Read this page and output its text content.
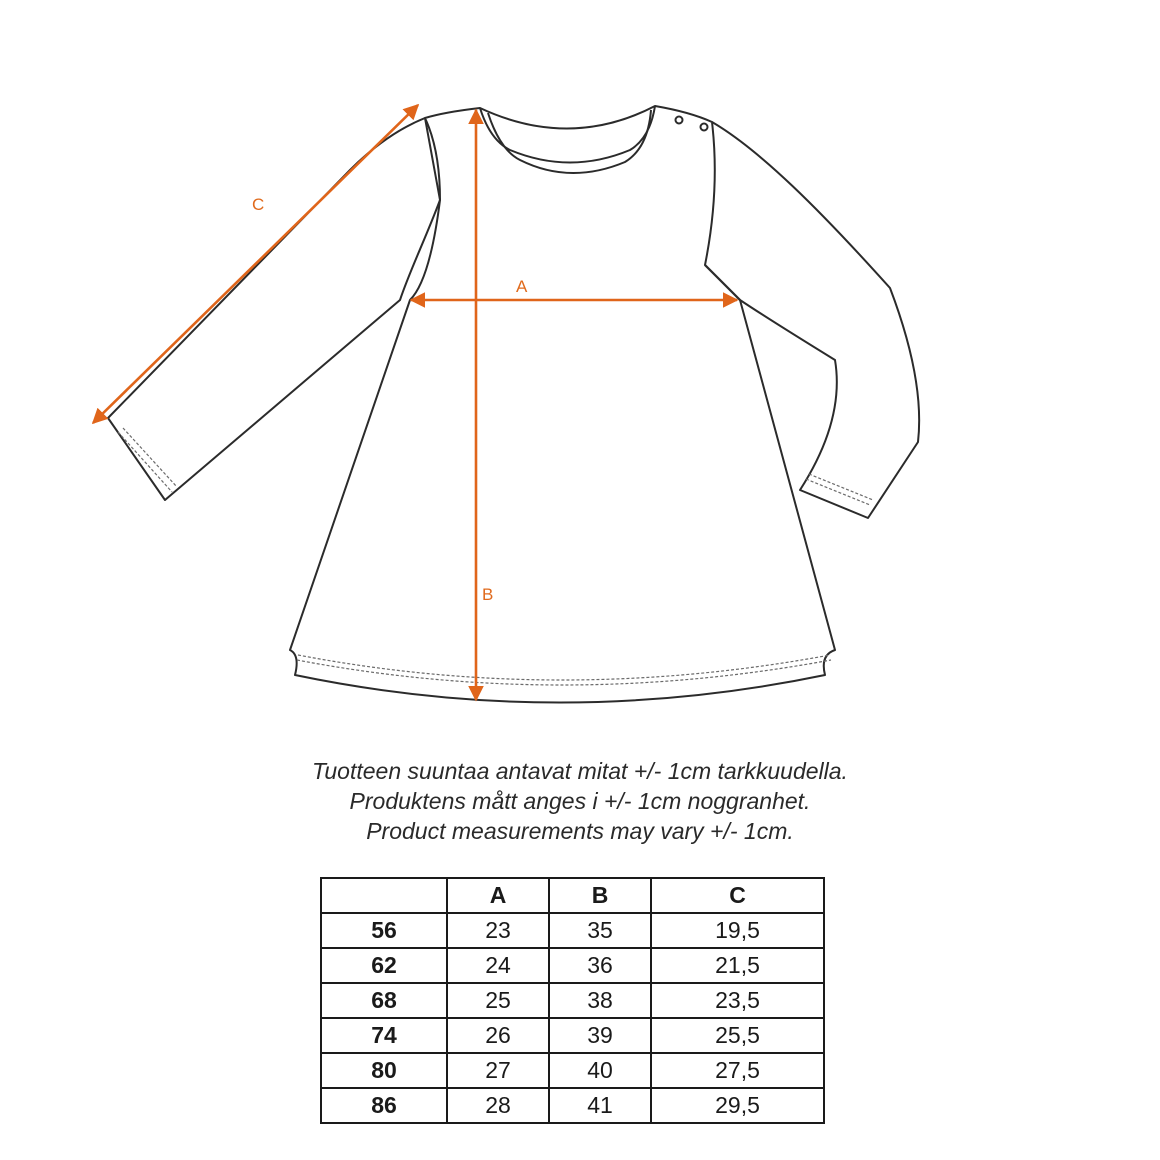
C
A
B
Tuotteen suuntaa antavat mitat +/- 1cm tarkkuudella.
Produktens mått anges i +/- 1cm noggranhet.
Product measurements may vary +/- 1cm.
	A	B	C
56	23	35	19,5
62	24	36	21,5
68	25	38	23,5
74	26	39	25,5
80	27	40	27,5
86	28	41	29,5
